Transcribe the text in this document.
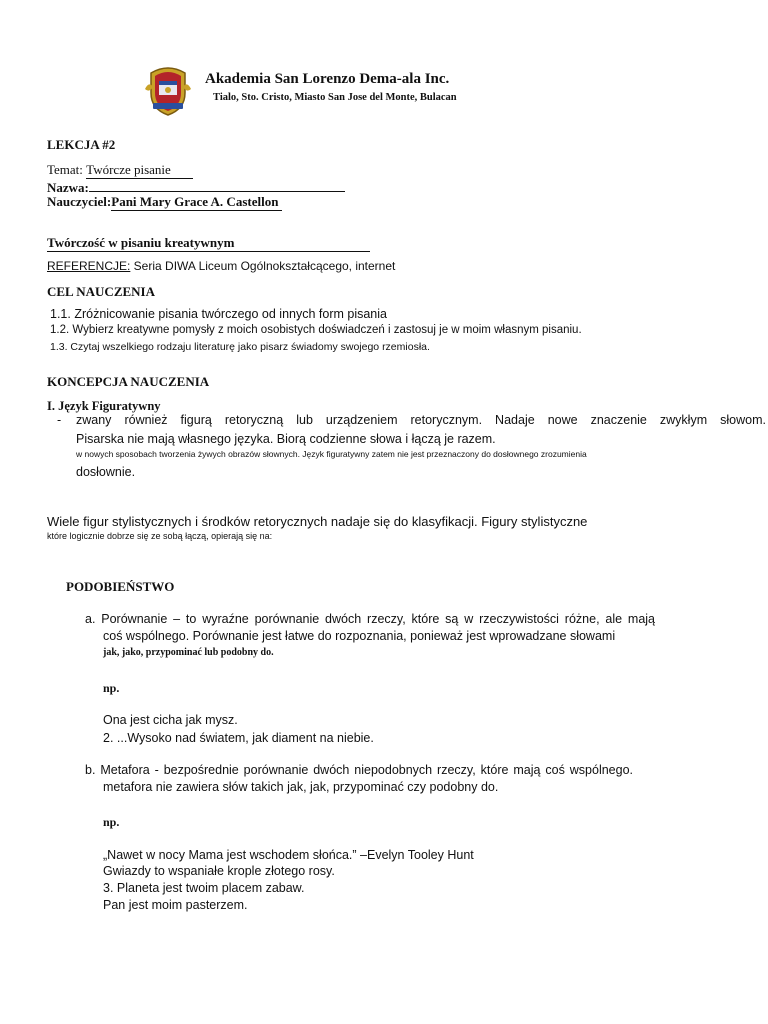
Akademia San Lorenzo Dema-ala Inc.
Tialo, Sto. Cristo, Miasto San Jose del Monte, Bulacan
LEKCJA #2
Temat: Twórcze pisanie
Nazwa:
Nauczyciel:Pani Mary Grace A. Castellon
Twórczość w pisaniu kreatywnym
REFERENCJE: Seria DIWA Liceum Ogólnokształcącego, internet
CEL NAUCZENIA
1.1. Zróżnicowanie pisania twórczego od innych form pisania
1.2. Wybierz kreatywne pomysły z moich osobistych doświadczeń i zastosuj je w moim własnym pisaniu.
1.3. Czytaj wszelkiego rodzaju literaturę jako pisarz świadomy swojego rzemiosła.
KONCEPCJA NAUCZENIA
I. Język Figuratywny
- zwany również figurą retoryczną lub urządzeniem retorycznym. Nadaje nowe znaczenie zwykłym słowom.
Pisarska nie mają własnego języka. Biorą codzienne słowa i łączą je razem.
w nowych sposobach tworzenia żywych obrazów słownych. Język figuratywny zatem nie jest przeznaczony do dosłownego zrozumienia
dosłownie.
Wiele figur stylistycznych i środków retorycznych nadaje się do klasyfikacji. Figury stylistyczne
które logicznie dobrze się ze sobą łączą, opierają się na:
PODOBIEŃSTWO
a. Porównanie – to wyraźne porównanie dwóch rzeczy, które są w rzeczywistości różne, ale mają
coś wspólnego. Porównanie jest łatwe do rozpoznania, ponieważ jest wprowadzane słowami
jak, jako, przypominać lub podobny do.
np.
Ona jest cicha jak mysz.
2. ...Wysoko nad światem, jak diament na niebie.
b. Metafora - bezpośrednie porównanie dwóch niepodobnych rzeczy, które mają coś wspólnego.
metafora nie zawiera słów takich jak, jak, przypominać czy podobny do.
np.
„Nawet w nocy Mama jest wschodem słońca.” –Evelyn Tooley Hunt
Gwiazdy to wspaniałe krople złotego rosy.
3. Planeta jest twoim placem zabaw.
Pan jest moim pasterzem.
